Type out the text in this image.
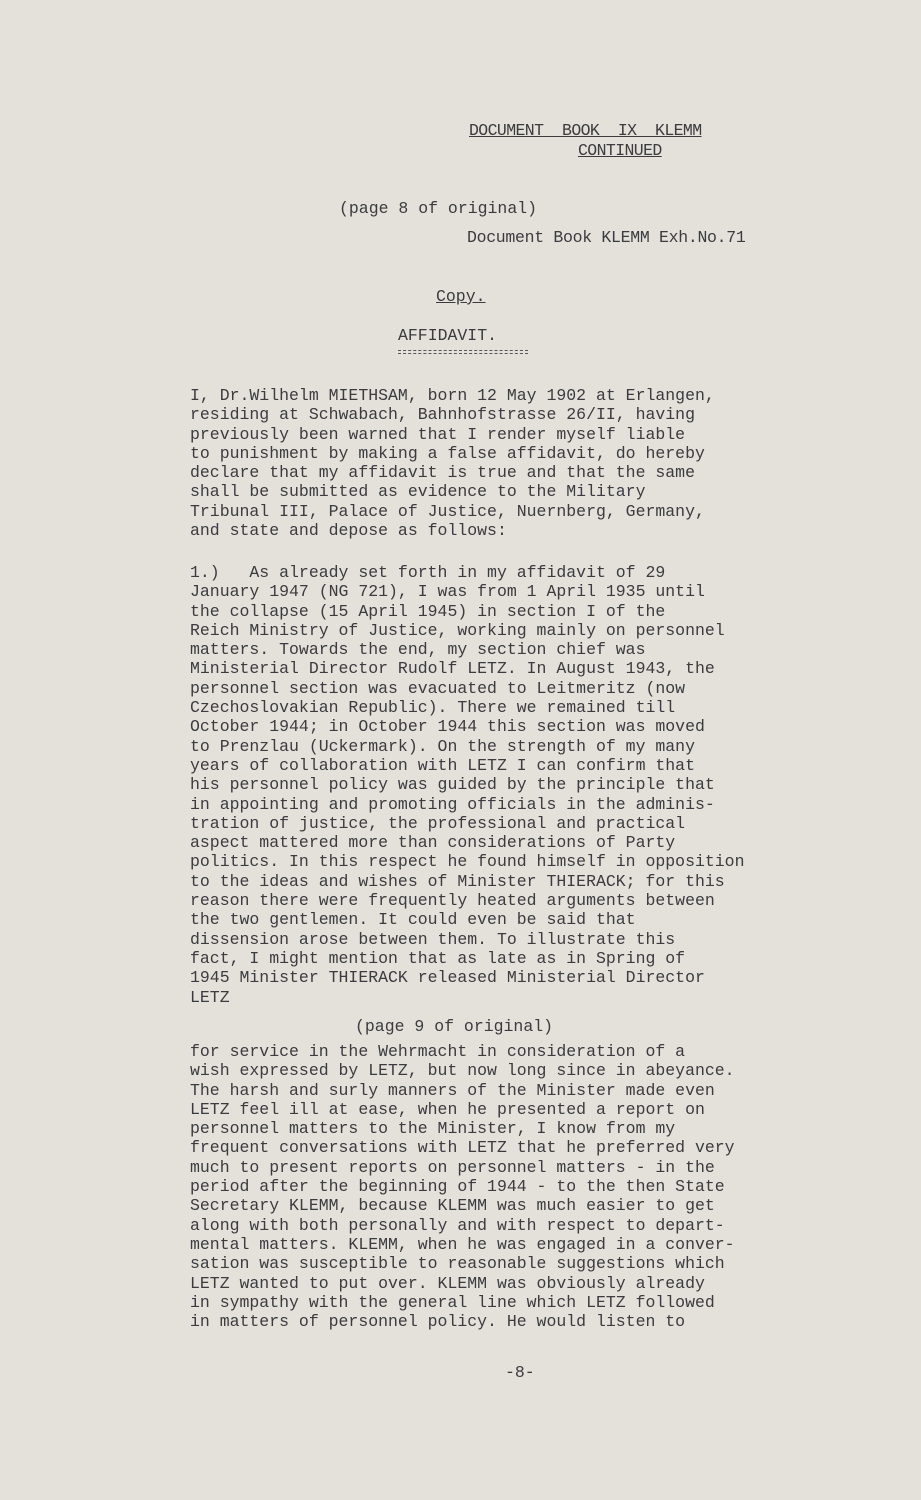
DOCUMENT  BOOK  IX  KLEMM
CONTINUED
(page 8 of original)
Document Book KLEMM Exh.No.71
Copy.
AFFIDAVIT.
I, Dr.Wilhelm MIETHSAM, born 12 May 1902 at Erlangen,
residing at Schwabach, Bahnhofstrasse 26/II, having
previously been warned that I render myself liable
to punishment by making a false affidavit, do hereby
declare that my affidavit is true and that the same
shall be submitted as evidence to the Military
Tribunal III, Palace of Justice, Nuernberg, Germany,
and state and depose as follows:
1.)   As already set forth in my affidavit of 29
January 1947 (NG 721), I was from 1 April 1935 until
the collapse (15 April 1945) in section I of the
Reich Ministry of Justice, working mainly on personnel
matters. Towards the end, my section chief was
Ministerial Director Rudolf LETZ. In August 1943, the
personnel section was evacuated to Leitmeritz (now
Czechoslovakian Republic). There we remained till
October 1944; in October 1944 this section was moved
to Prenzlau (Uckermark). On the strength of my many
years of collaboration with LETZ I can confirm that
his personnel policy was guided by the principle that
in appointing and promoting officials in the adminis-
tration of justice, the professional and practical
aspect mattered more than considerations of Party
politics. In this respect he found himself in opposition
to the ideas and wishes of Minister THIERACK; for this
reason there were frequently heated arguments between
the two gentlemen. It could even be said that
dissension arose between them. To illustrate this
fact, I might mention that as late as in Spring of
1945 Minister THIERACK released Ministerial Director
LETZ
(page 9 of original)
for service in the Wehrmacht in consideration of a
wish expressed by LETZ, but now long since in abeyance.
The harsh and surly manners of the Minister made even
LETZ feel ill at ease, when he presented a report on
personnel matters to the Minister, I know from my
frequent conversations with LETZ that he preferred very
much to present reports on personnel matters - in the
period after the beginning of 1944 - to the then State
Secretary KLEMM, because KLEMM was much easier to get
along with both personally and with respect to depart-
mental matters. KLEMM, when he was engaged in a conver-
sation was susceptible to reasonable suggestions which
LETZ wanted to put over. KLEMM was obviously already
in sympathy with the general line which LETZ followed
in matters of personnel policy. He would listen to
-8-
